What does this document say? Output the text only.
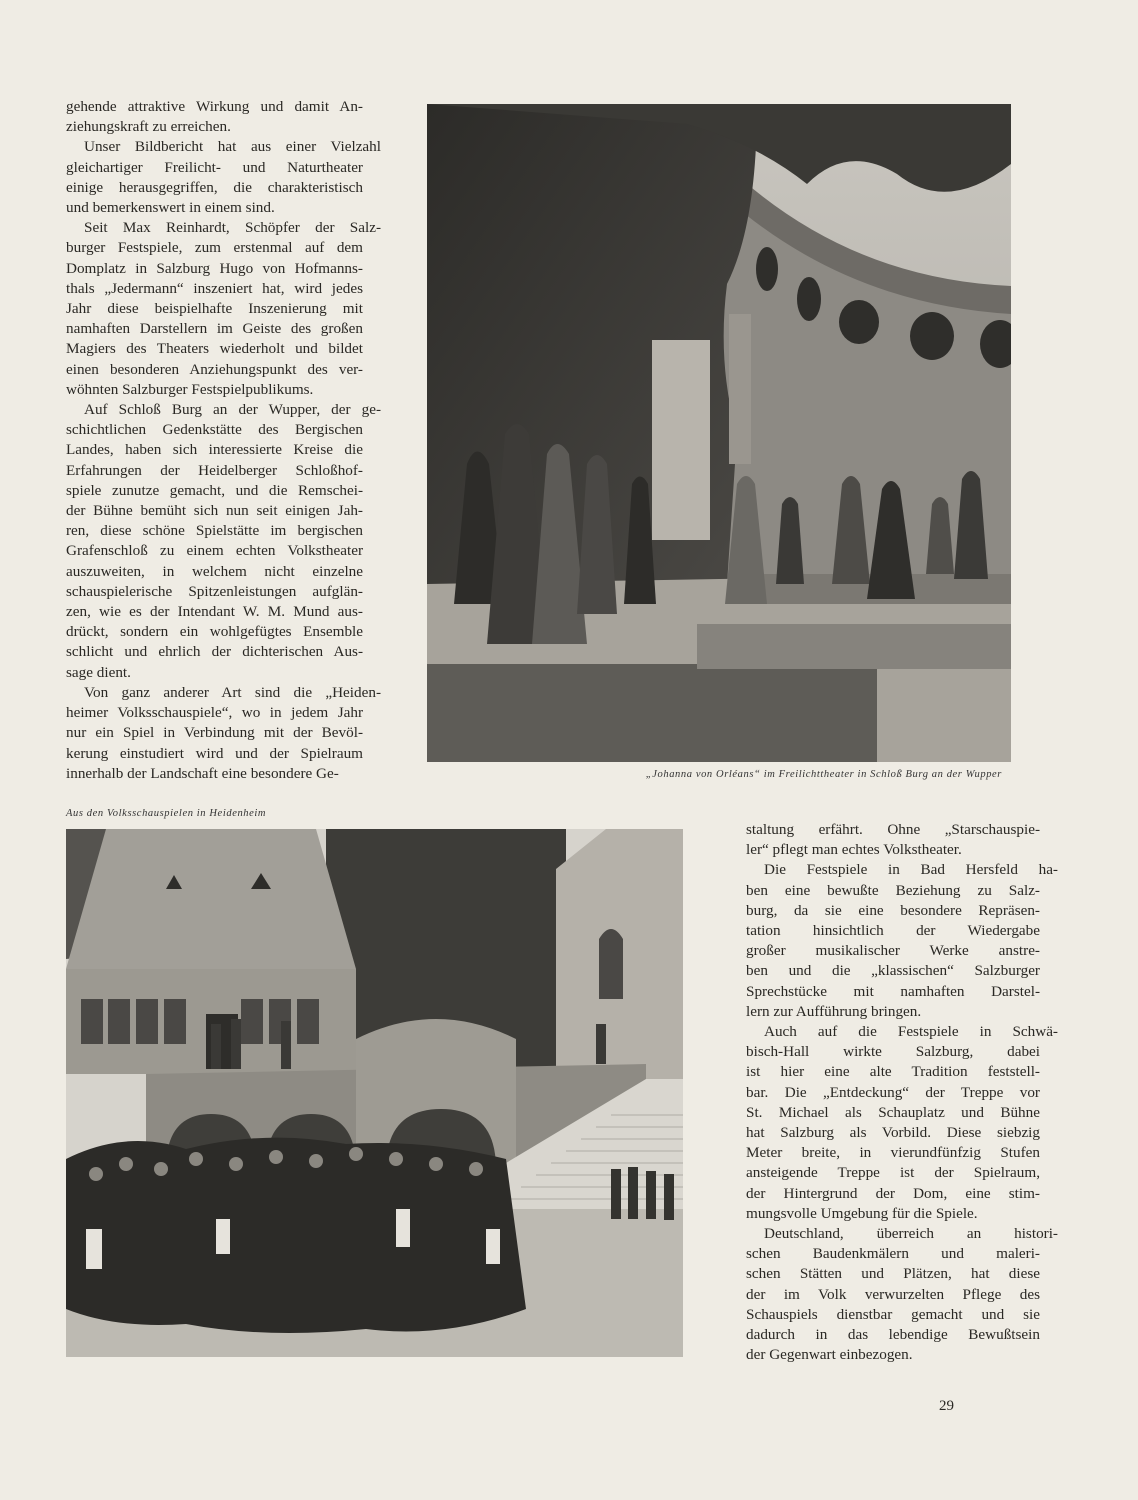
gehende attraktive Wirkung und damit An-
ziehungskraft zu erreichen.

Unser Bildbericht hat aus einer Vielzahl
gleichartiger Freilicht- und Naturtheater
einige herausgegriffen, die charakteristisch
und bemerkenswert in einem sind.

Seit Max Reinhardt, Schöpfer der Salz-
burger Festspiele, zum erstenmal auf dem
Domplatz in Salzburg Hugo von Hofmanns-
thals „Jedermann“ inszeniert hat, wird jedes
Jahr diese beispielhafte Inszenierung mit
namhaften Darstellern im Geiste des großen
Magiers des Theaters wiederholt und bildet
einen besonderen Anziehungspunkt des ver-
wöhnten Salzburger Festspielpublikums.

Auf Schloß Burg an der Wupper, der ge-
schichtlichen Gedenkstätte des Bergischen
Landes, haben sich interessierte Kreise die
Erfahrungen der Heidelberger Schloßhof-
spiele zunutze gemacht, und die Remschei-
der Bühne bemüht sich nun seit einigen Jah-
ren, diese schöne Spielstätte im bergischen
Grafenschloß zu einem echten Volkstheater
auszuweiten, in welchem nicht einzelne
schauspielerische Spitzenleistungen aufglän-
zen, wie es der Intendant W. M. Mund aus-
drückt, sondern ein wohlgefügtes Ensemble
schlicht und ehrlich der dichterischen Aus-
sage dient.

Von ganz anderer Art sind die „Heiden-
heimer Volksschauspiele“, wo in jedem Jahr
nur ein Spiel in Verbindung mit der Bevöl-
kerung einstudiert wird und der Spielraum
innerhalb der Landschaft eine besondere Ge-	„Johanna von Orléans“ im Freilichttheater in Schloß Burg an der Wupper
Aus den Volksschauspielen in Heidenheim

staltung erfährt. Ohne „Starschauspie-
ler“ pflegt man echtes Volkstheater.

Die Festspiele in Bad Hersfeld ha-
ben eine bewußte Beziehung zu Salz-
burg, da sie eine besondere Repräsen-
tation hinsichtlich der Wiedergabe
großer musikalischer Werke anstre-
ben und die „klassischen“ Salzburger
Sprechstücke mit namhaften Darstel-
lern zur Aufführung bringen.

Auch auf die Festspiele in Schwä-
bisch-Hall wirkte Salzburg, dabei
ist hier eine alte Tradition feststell-
bar. Die „Entdeckung“ der Treppe vor
St. Michael als Schauplatz und Bühne
hat Salzburg als Vorbild. Diese siebzig
Meter breite, in vierundfünfzig Stufen
ansteigende Treppe ist der Spielraum,
der Hintergrund der Dom, eine stim-
mungsvolle Umgebung für die Spiele.

Deutschland, überreich an histori-
schen Baudenkmälern und maleri-
schen Stätten und Plätzen, hat diese
der im Volk verwurzelten Pflege des
Schauspiels dienstbar gemacht und sie
dadurch in das lebendige Bewußtsein
der Gegenwart einbezogen.

29
